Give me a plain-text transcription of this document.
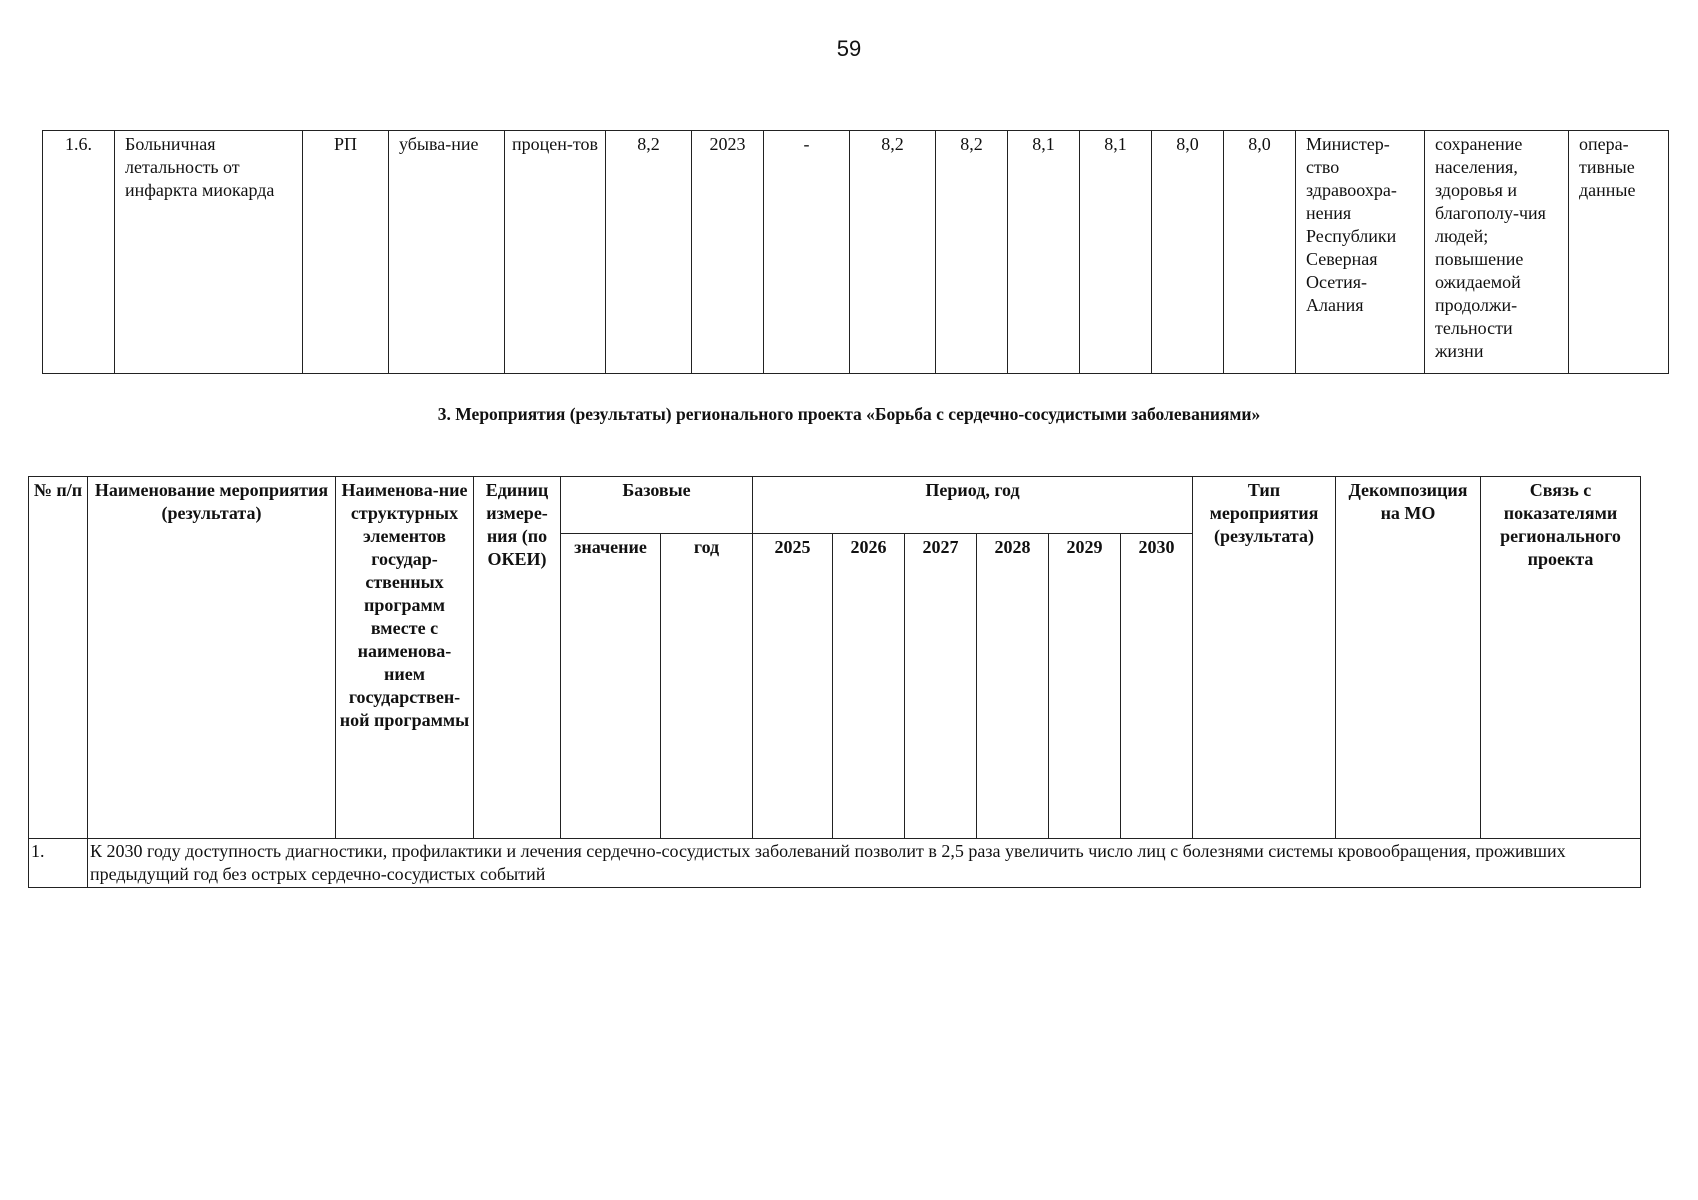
59
1.6.	Больничная летальность от инфаркта миокарда	РП	убыва-ние	процен-тов	8,2	2023	-	8,2	8,2	8,1	8,1	8,0	8,0	Министер-ство здравоохра-нения Республики Северная Осетия-Алания	сохранение населения, здоровья и благополу-чия людей; повышение ожидаемой продолжи-тельности жизни	опера-тивные данные
3. Мероприятия (результаты) регионального проекта «Борьба с сердечно-сосудистыми заболеваниями»
№ п/п	Наименование мероприятия (результата)	Наименова-ние структурных элементов государ-ственных программ вместе с наименова-нием государствен-ной программы	Единиц измере-ния (по ОКЕИ)	Базовые		Период, год						Тип мероприятия (результата)	Декомпозиция на МО	Связь с показателями регионального проекта
				значение	год	2025	2026	2027	2028	2029	2030			
1.	К 2030 году доступность диагностики, профилактики и лечения сердечно-сосудистых заболеваний позволит в 2,5 раза увеличить число лиц с болезнями системы кровообращения, проживших предыдущий год без острых сердечно-сосудистых событий													
